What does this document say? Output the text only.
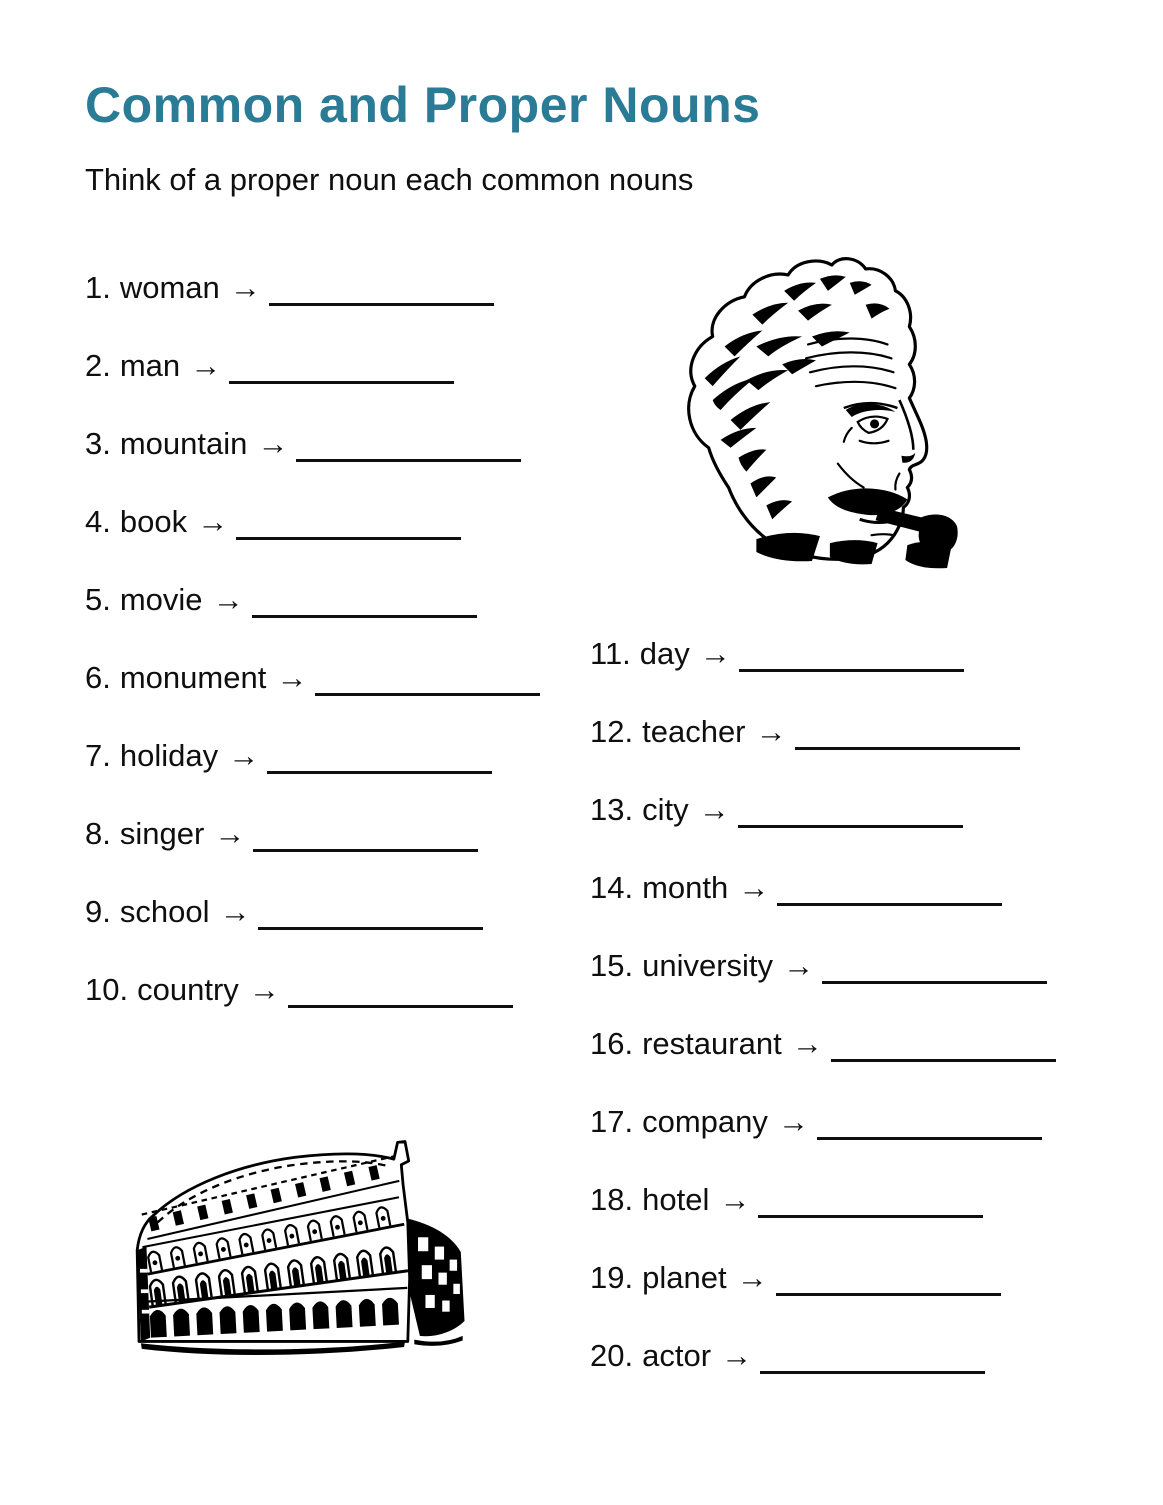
Common and Proper Nouns

Think of a proper noun each common nouns

1. woman →
2. man →
3. mountain →
4. book →
5. movie →
6. monument →
7. holiday →
8. singer →
9. school →
10. country →
11. day →
12. teacher →
13. city →
14. month →
15. university →
16. restaurant →
17. company →
18. hotel →
19. planet →
20. actor →
